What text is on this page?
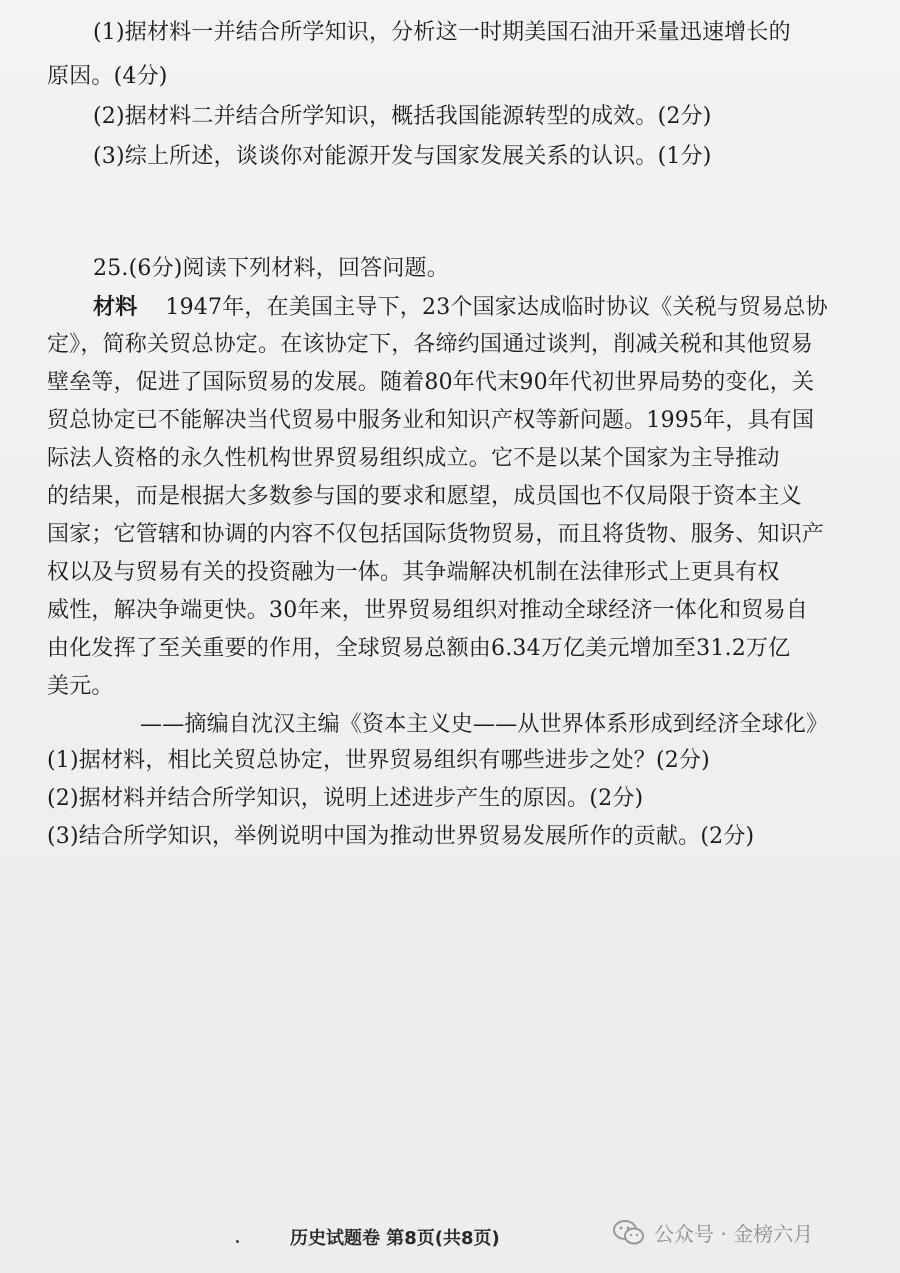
(1)据材料一并结合所学知识，分析这一时期美国石油开采量迅速增长的
原因。(4分)
(2)据材料二并结合所学知识，概括我国能源转型的成效。(2分)
(3)综上所述，谈谈你对能源开发与国家发展关系的认识。(1分)
25.(6分)阅读下列材料，回答问题。
材料 1947年，在美国主导下，23个国家达成临时协议《关税与贸易总协
定》，简称关贸总协定。在该协定下，各缔约国通过谈判，削减关税和其他贸易
壁垒等，促进了国际贸易的发展。随着80年代末90年代初世界局势的变化，关
贸总协定已不能解决当代贸易中服务业和知识产权等新问题。1995年，具有国
际法人资格的永久性机构世界贸易组织成立。它不是以某个国家为主导推动
的结果，而是根据大多数参与国的要求和愿望，成员国也不仅局限于资本主义
国家；它管辖和协调的内容不仅包括国际货物贸易，而且将货物、服务、知识产
权以及与贸易有关的投资融为一体。其争端解决机制在法律形式上更具有权
威性，解决争端更快。30年来，世界贸易组织对推动全球经济一体化和贸易自
由化发挥了至关重要的作用，全球贸易总额由6.34万亿美元增加至31.2万亿
美元。
——摘编自沈汉主编《资本主义史——从世界体系形成到经济全球化》
(1)据材料，相比关贸总协定，世界贸易组织有哪些进步之处？(2分)
(2)据材料并结合所学知识，说明上述进步产生的原因。(2分)
(3)结合所学知识，举例说明中国为推动世界贸易发展所作的贡献。(2分)
历史试题卷 第8页(共8页)	公众号 · 金榜六月
